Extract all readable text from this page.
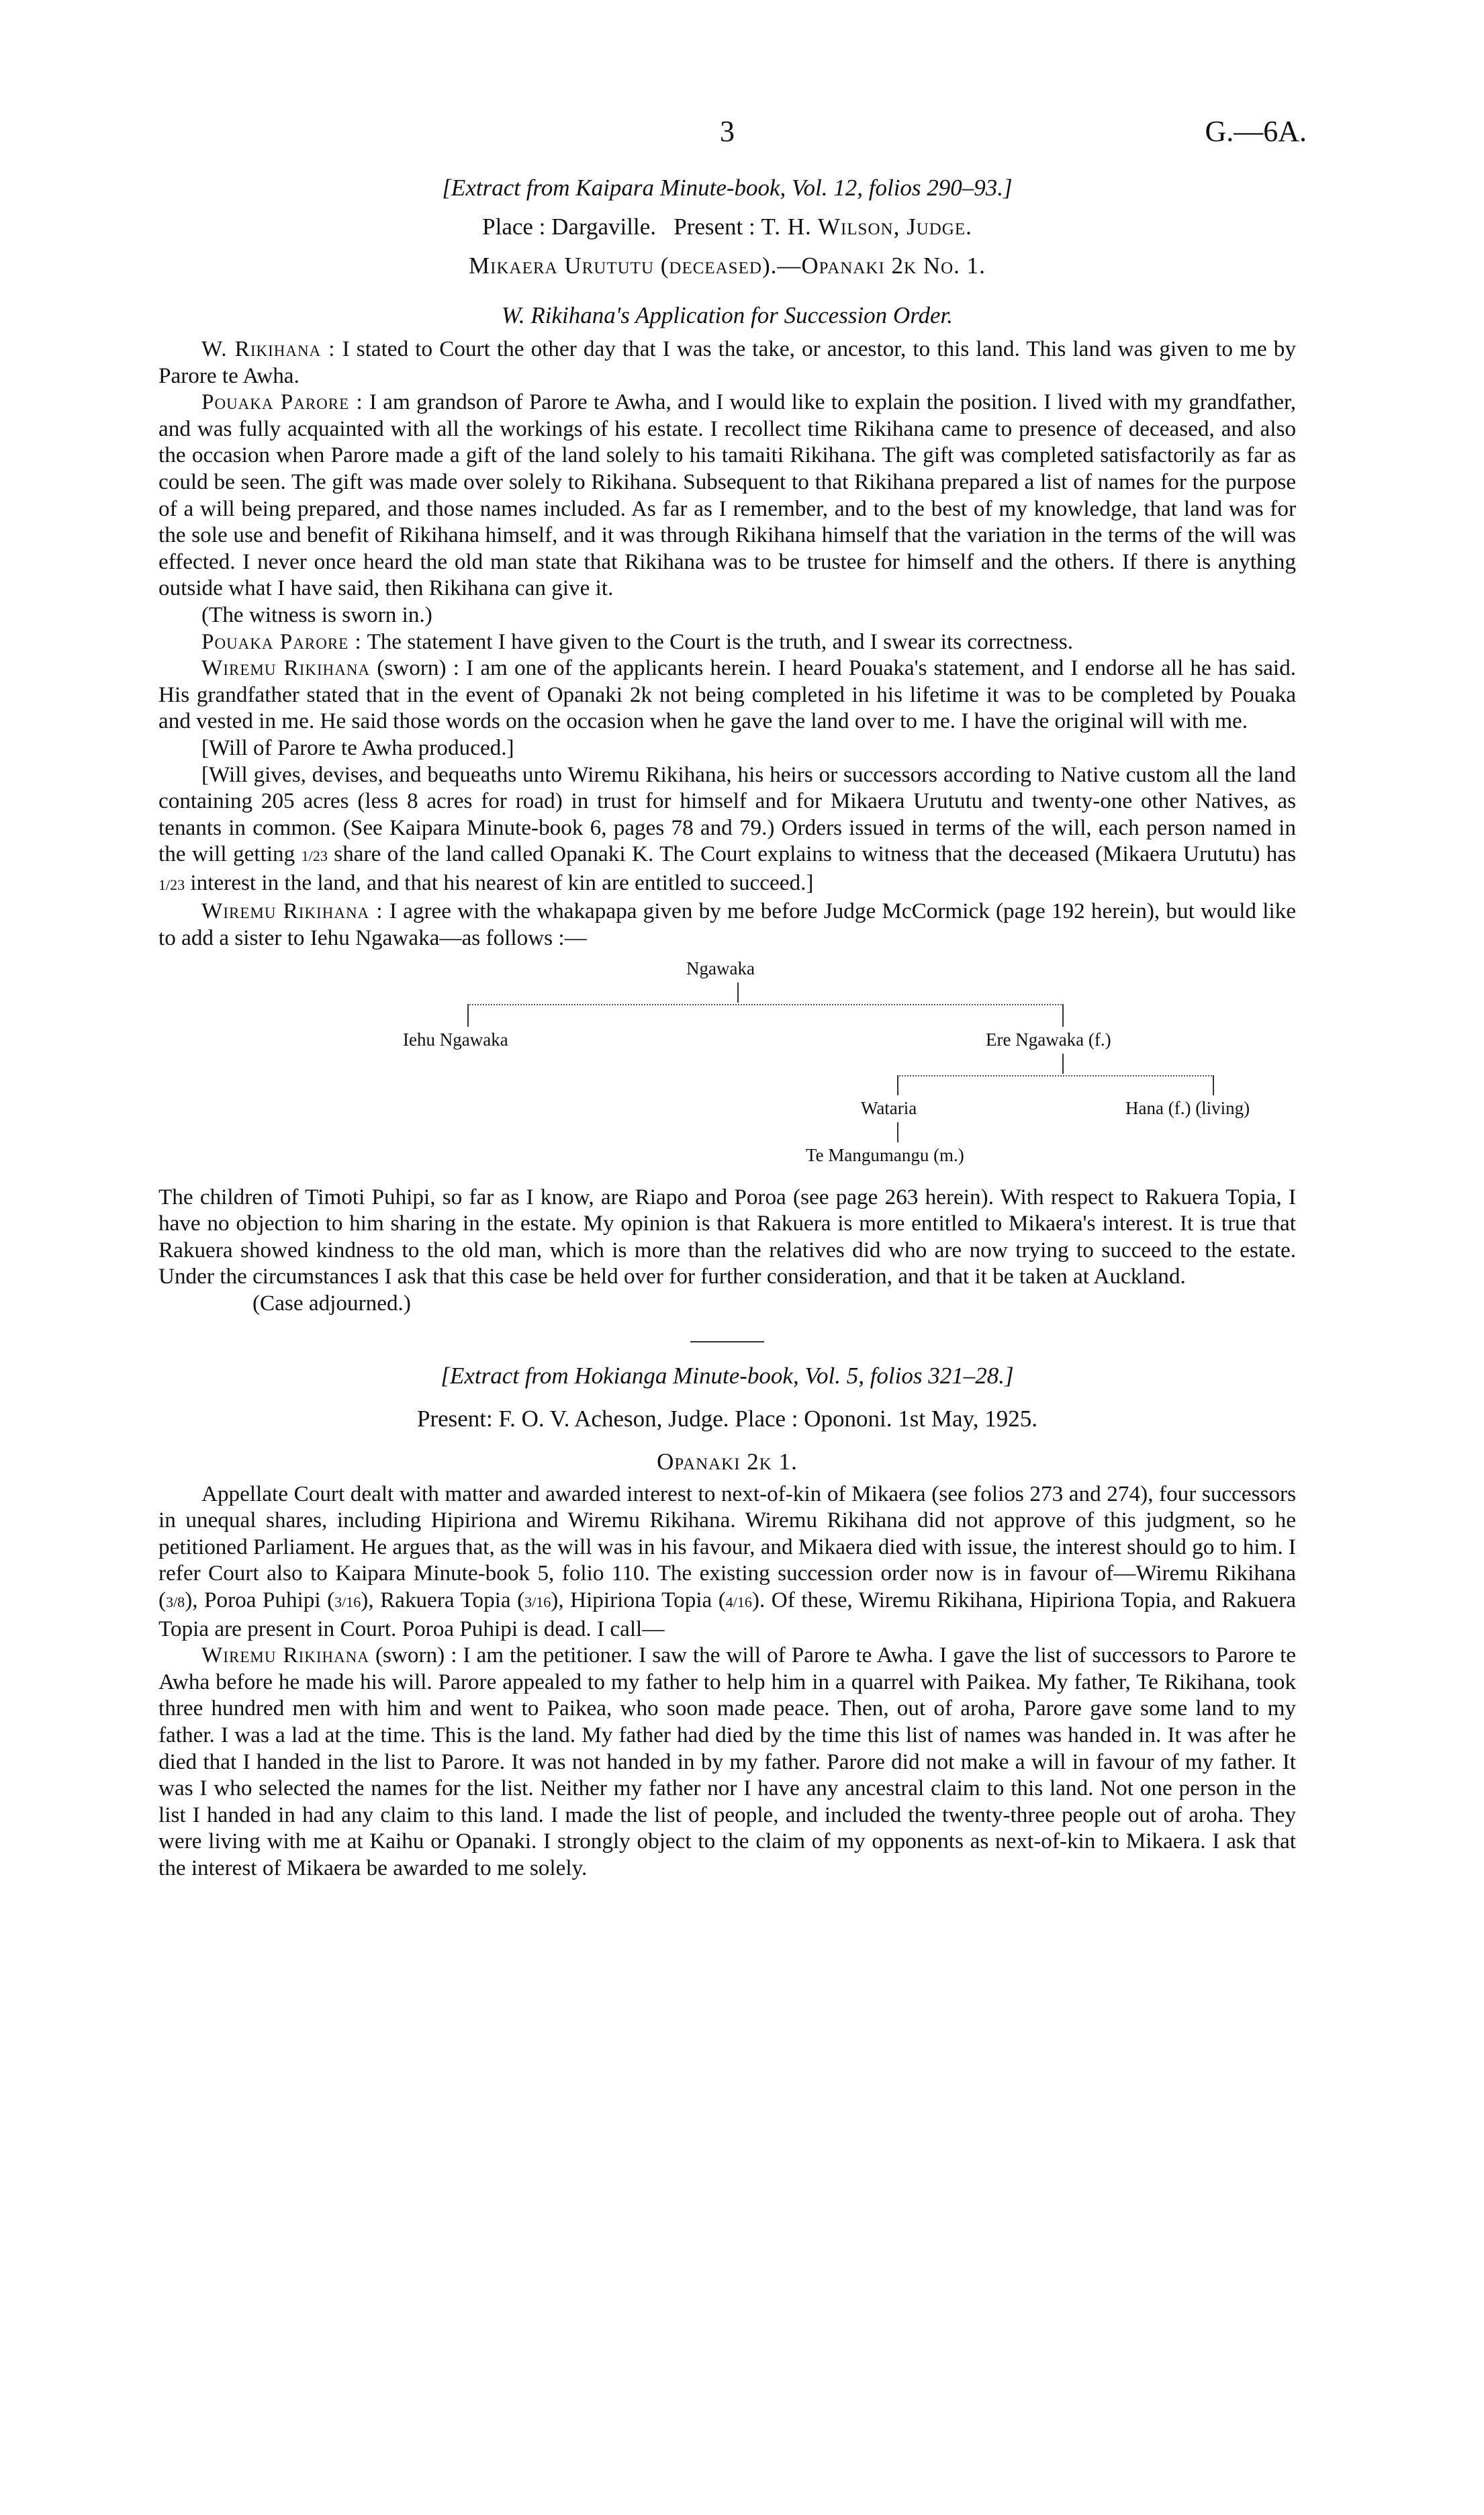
3	G.—6A.
[Extract from Kaipara Minute-book, Vol. 12, folios 290–93.]
Place : Dargaville. Present : T. H. Wilson, Judge.
Mikaera Urututu (deceased).—Opanaki 2k No. 1.
W. Rikihana's Application for Succession Order.

W. Rikihana : I stated to Court the other day that I was the take, or ancestor, to this land. This land was given to me by Parore te Awha.

Pouaka Parore : I am grandson of Parore te Awha, and I would like to explain the position. I lived with my grandfather, and was fully acquainted with all the workings of his estate. I recollect time Rikihana came to presence of deceased, and also the occasion when Parore made a gift of the land solely to his tamaiti Rikihana. The gift was completed satisfactorily as far as could be seen. The gift was made over solely to Rikihana. Subsequent to that Rikihana prepared a list of names for the purpose of a will being prepared, and those names included. As far as I remember, and to the best of my knowledge, that land was for the sole use and benefit of Rikihana himself, and it was through Rikihana himself that the variation in the terms of the will was effected. I never once heard the old man state that Rikihana was to be trustee for himself and the others. If there is anything outside what I have said, then Rikihana can give it.

(The witness is sworn in.)

Pouaka Parore : The statement I have given to the Court is the truth, and I swear its correctness.

Wiremu Rikihana (sworn) : I am one of the applicants herein. I heard Pouaka's statement, and I endorse all he has said. His grandfather stated that in the event of Opanaki 2k not being completed in his lifetime it was to be completed by Pouaka and vested in me. He said those words on the occasion when he gave the land over to me. I have the original will with me.

[Will of Parore te Awha produced.]

[Will gives, devises, and bequeaths unto Wiremu Rikihana, his heirs or successors according to Native custom all the land containing 205 acres (less 8 acres for road) in trust for himself and for Mikaera Urututu and twenty-one other Natives, as tenants in common. (See Kaipara Minute-book 6, pages 78 and 79.) Orders issued in terms of the will, each person named in the will getting 1/23 share of the land called Opanaki K. The Court explains to witness that the deceased (Mikaera Urututu) has 1/23 interest in the land, and that his nearest of kin are entitled to succeed.]

Wiremu Rikihana : I agree with the whakapapa given by me before Judge McCormick (page 192 herein), but would like to add a sister to Iehu Ngawaka—as follows :—

Ngawaka
Iehu Ngawaka	Ere Ngawaka (f.)
Wataria	Hana (f.) (living)
Te Mangumangu (m.)

The children of Timoti Puhipi, so far as I know, are Riapo and Poroa (see page 263 herein). With respect to Rakuera Topia, I have no objection to him sharing in the estate. My opinion is that Rakuera is more entitled to Mikaera's interest. It is true that Rakuera showed kindness to the old man, which is more than the relatives did who are now trying to succeed to the estate. Under the circumstances I ask that this case be held over for further consideration, and that it be taken at Auckland.

(Case adjourned.)

[Extract from Hokianga Minute-book, Vol. 5, folios 321–28.]
Present: F. O. V. Acheson, Judge. Place : Opononi. 1st May, 1925.
Opanaki 2k 1.

Appellate Court dealt with matter and awarded interest to next-of-kin of Mikaera (see folios 273 and 274), four successors in unequal shares, including Hipiriona and Wiremu Rikihana. Wiremu Rikihana did not approve of this judgment, so he petitioned Parliament. He argues that, as the will was in his favour, and Mikaera died with issue, the interest should go to him. I refer Court also to Kaipara Minute-book 5, folio 110. The existing succession order now is in favour of—Wiremu Rikihana (3/8), Poroa Puhipi (3/16), Rakuera Topia (3/16), Hipiriona Topia (4/16). Of these, Wiremu Rikihana, Hipiriona Topia, and Rakuera Topia are present in Court. Poroa Puhipi is dead. I call—

Wiremu Rikihana (sworn) : I am the petitioner. I saw the will of Parore te Awha. I gave the list of successors to Parore te Awha before he made his will. Parore appealed to my father to help him in a quarrel with Paikea. My father, Te Rikihana, took three hundred men with him and went to Paikea, who soon made peace. Then, out of aroha, Parore gave some land to my father. I was a lad at the time. This is the land. My father had died by the time this list of names was handed in. It was after he died that I handed in the list to Parore. It was not handed in by my father. Parore did not make a will in favour of my father. It was I who selected the names for the list. Neither my father nor I have any ancestral claim to this land. Not one person in the list I handed in had any claim to this land. I made the list of people, and included the twenty-three people out of aroha. They were living with me at Kaihu or Opanaki. I strongly object to the claim of my opponents as next-of-kin to Mikaera. I ask that the interest of Mikaera be awarded to me solely.
